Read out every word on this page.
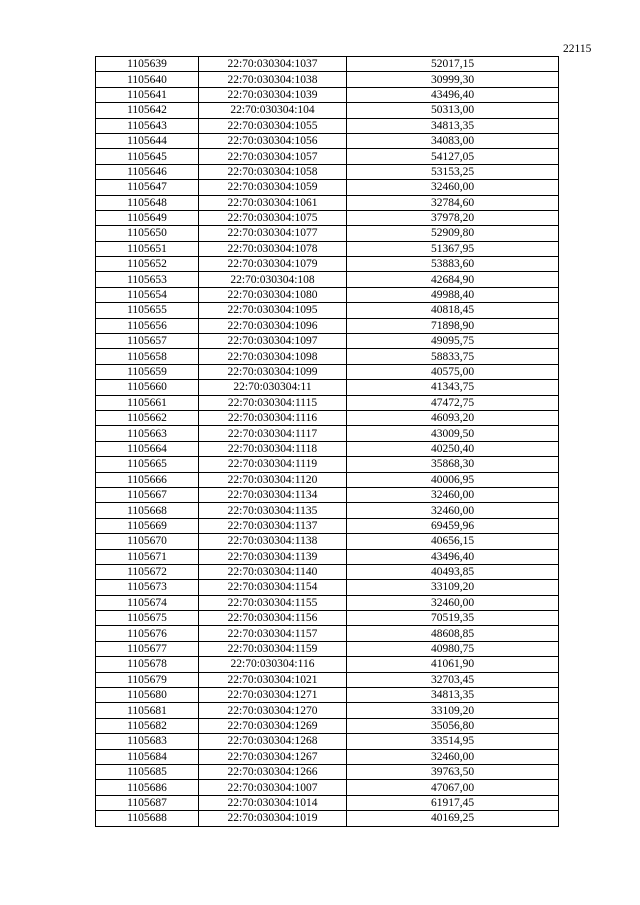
22115
1105639	22:70:030304:1037	52017,15
1105640	22:70:030304:1038	30999,30
1105641	22:70:030304:1039	43496,40
1105642	22:70:030304:104	50313,00
1105643	22:70:030304:1055	34813,35
1105644	22:70:030304:1056	34083,00
1105645	22:70:030304:1057	54127,05
1105646	22:70:030304:1058	53153,25
1105647	22:70:030304:1059	32460,00
1105648	22:70:030304:1061	32784,60
1105649	22:70:030304:1075	37978,20
1105650	22:70:030304:1077	52909,80
1105651	22:70:030304:1078	51367,95
1105652	22:70:030304:1079	53883,60
1105653	22:70:030304:108	42684,90
1105654	22:70:030304:1080	49988,40
1105655	22:70:030304:1095	40818,45
1105656	22:70:030304:1096	71898,90
1105657	22:70:030304:1097	49095,75
1105658	22:70:030304:1098	58833,75
1105659	22:70:030304:1099	40575,00
1105660	22:70:030304:11	41343,75
1105661	22:70:030304:1115	47472,75
1105662	22:70:030304:1116	46093,20
1105663	22:70:030304:1117	43009,50
1105664	22:70:030304:1118	40250,40
1105665	22:70:030304:1119	35868,30
1105666	22:70:030304:1120	40006,95
1105667	22:70:030304:1134	32460,00
1105668	22:70:030304:1135	32460,00
1105669	22:70:030304:1137	69459,96
1105670	22:70:030304:1138	40656,15
1105671	22:70:030304:1139	43496,40
1105672	22:70:030304:1140	40493,85
1105673	22:70:030304:1154	33109,20
1105674	22:70:030304:1155	32460,00
1105675	22:70:030304:1156	70519,35
1105676	22:70:030304:1157	48608,85
1105677	22:70:030304:1159	40980,75
1105678	22:70:030304:116	41061,90
1105679	22:70:030304:1021	32703,45
1105680	22:70:030304:1271	34813,35
1105681	22:70:030304:1270	33109,20
1105682	22:70:030304:1269	35056,80
1105683	22:70:030304:1268	33514,95
1105684	22:70:030304:1267	32460,00
1105685	22:70:030304:1266	39763,50
1105686	22:70:030304:1007	47067,00
1105687	22:70:030304:1014	61917,45
1105688	22:70:030304:1019	40169,25
